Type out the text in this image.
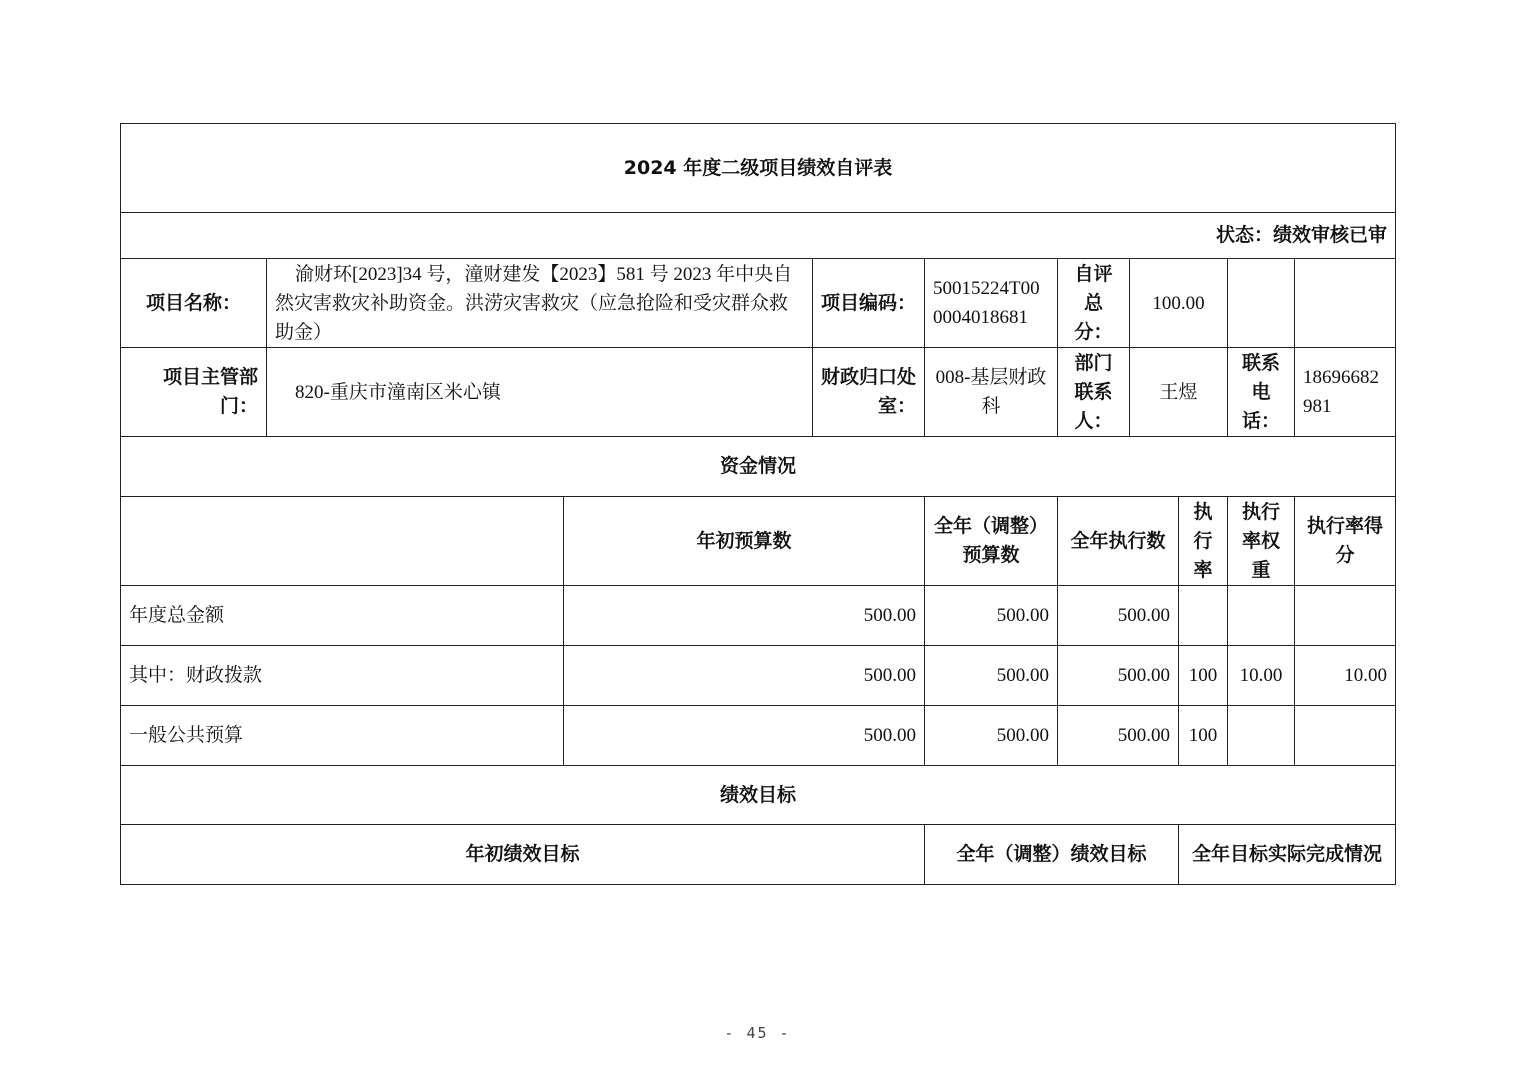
2024 年度二级项目绩效自评表									
状态：绩效审核已审									
项目名称：	渝财环[2023]34 号，潼财建发【2023】581 号 2023 年中央自然灾害救灾补助资金。洪涝灾害救灾（应急抢险和受灾群众救助金）		项目编码：	50015224T000004018681	自评总分：	100.00			
项目主管部门：	820-重庆市潼南区米心镇		财政归口处室：	008-基层财政科	部门联系人：	王煜		联系电话：	18696682981
资金情况									
		年初预算数		全年（调整）预算数	全年执行数		执行率	执行率权重	执行率得分
年度总金额		500.00		500.00	500.00				
其中：财政拨款		500.00		500.00	500.00		100	10.00	10.00
一般公共预算		500.00		500.00	500.00		100		
绩效目标									
年初绩效目标				全年（调整）绩效目标			全年目标实际完成情况		
- 45 -
